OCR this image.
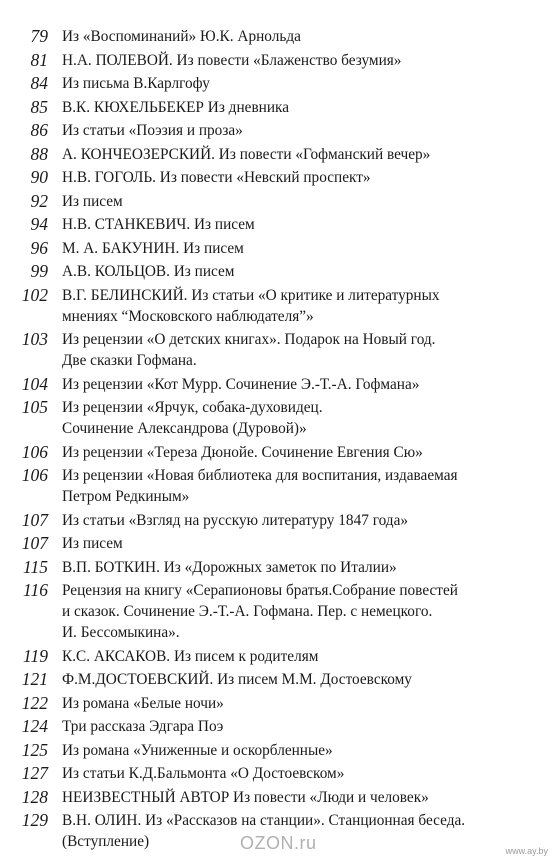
79 Из «Воспоминаний» Ю.К. Арнольда
81 Н.А. ПОЛЕВОЙ. Из повести «Блаженство безумия»
84 Из письма В.Карлгофу
85 В.К. КЮХЕЛЬБЕКЕР Из дневника
86 Из статьи «Поэзия и проза»
88 А. КОНЧЕОЗЕРСКИЙ. Из повести «Гофманский вечер»
90 Н.В. ГОГОЛЬ. Из повести «Невский проспект»
92 Из писем
94 Н.В. СТАНКЕВИЧ. Из писем
96 М. А. БАКУНИН. Из писем
99 А.В. КОЛЬЦОВ. Из писем
102 В.Г. БЕЛИНСКИЙ. Из статьи «О критике и литературных
мнениях “Московского наблюдателя”»
103 Из рецензии «О детских книгах». Подарок на Новый год.
Две сказки Гофмана.
104 Из рецензии «Кот Мурр. Сочинение Э.-Т.-А. Гофмана»
105 Из рецензии «Ярчук, собака-духовидец.
Сочинение Александрова (Дуровой)»
106 Из рецензии «Тереза Дюнойе. Сочинение Евгения Сю»
106 Из рецензии «Новая библиотека для воспитания, издаваемая
Петром Редкиным»
107 Из статьи «Взгляд на русскую литературу 1847 года»
107 Из писем
115 В.П. БОТКИН. Из «Дорожных заметок по Италии»
116 Рецензия на книгу «Серапионовы братья.Собрание повестей
и сказок. Сочинение Э.-Т.-А. Гофмана. Пер. с немецкого.
И. Бессомыкина».
119 К.С. АКСАКОВ. Из писем к родителям
121 Ф.М.ДОСТОЕВСКИЙ. Из писем М.М. Достоевскому
122 Из романа «Белые ночи»
124 Три рассказа Эдгара Поэ
125 Из романа «Униженные и оскорбленные»
127 Из статьи К.Д.Бальмонта «О Достоевском»
128 НЕИЗВЕСТНЫЙ АВТОР Из повести «Люди и человек»
129 В.Н. ОЛИН. Из «Рассказов на станции». Станционная беседа.
(Вступление)	OZON.ru	www.ay.by
